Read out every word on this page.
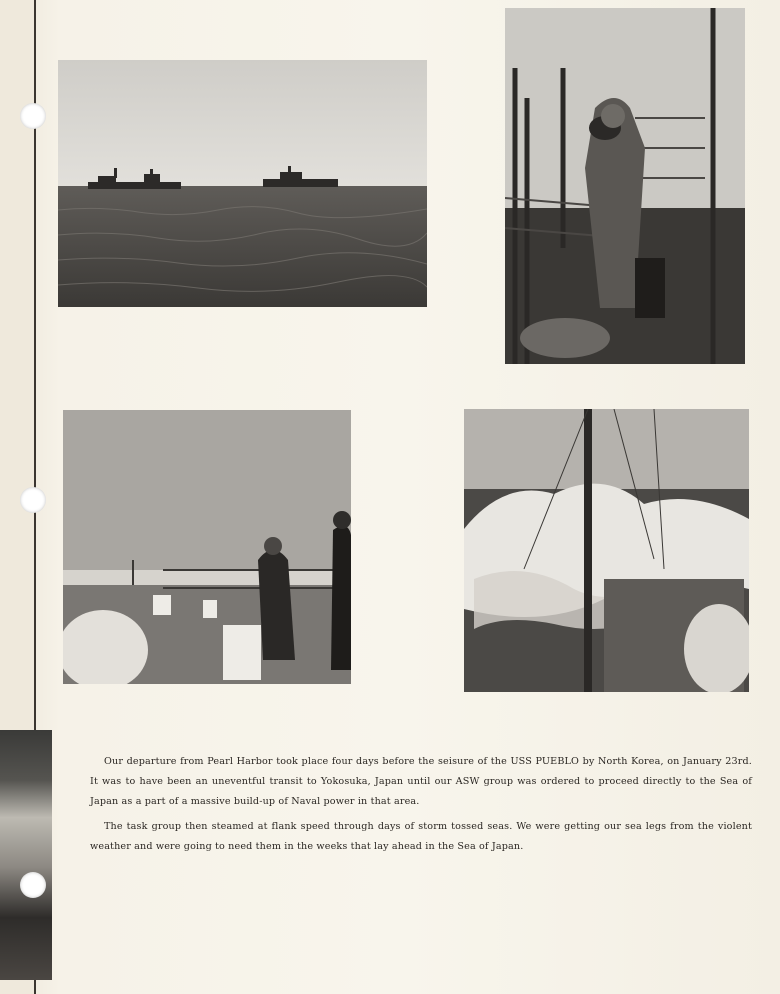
Our departure from Pearl Harbor took place four days before the seisure of the USS PUEBLO by North Korea, on January 23rd. It was to have been an uneventful transit to Yokosuka, Japan until our ASW group was ordered to proceed directly to the Sea of Japan as a part of a massive build-up of Naval power in that area.

The task group then steamed at flank speed through days of storm tossed seas. We were getting our sea legs from the violent weather and were going to need them in the weeks that lay ahead in the Sea of Japan.
